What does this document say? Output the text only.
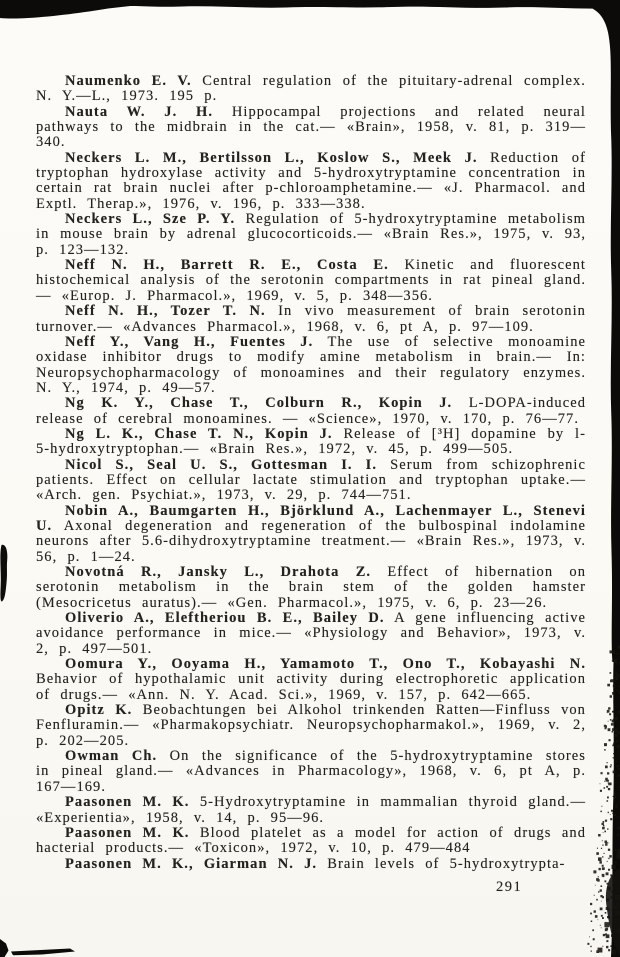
Naumenko E. V. Central regulation of the pituitary-adrenal complex. N. Y.—L., 1973. 195 p.

Nauta W. J. H. Hippocampal projections and related neural pathways to the midbrain in the cat.— «Brain», 1958, v. 81, p. 319—340.

Neckers L. M., Bertilsson L., Koslow S., Meek J. Reduction of tryptophan hydroxylase activity and 5-hydroxytryptamine concentration in certain rat brain nuclei after p-chloroamphetamine.— «J. Pharmacol. and Exptl. Therap.», 1976, v. 196, p. 333—338.

Neckers L., Sze P. Y. Regulation of 5-hydroxytryptamine metabolism in mouse brain by adrenal glucocorticoids.— «Brain Res.», 1975, v. 93, p. 123—132.

Neff N. H., Barrett R. E., Costa E. Kinetic and fluorescent histochemical analysis of the serotonin compartments in rat pineal gland.— «Europ. J. Pharmacol.», 1969, v. 5, p. 348—356.

Neff N. H., Tozer T. N. In vivo measurement of brain serotonin turnover.— «Advances Pharmacol.», 1968, v. 6, pt A, p. 97—109.

Neff Y., Vang H., Fuentes J. The use of selective monoamine oxidase inhibitor drugs to modify amine metabolism in brain.— In: Neuropsychopharmacology of monoamines and their regulatory enzymes. N. Y., 1974, p. 49—57.

Ng K. Y., Chase T., Colburn R., Kopin J. L-DOPA-induced release of cerebral monoamines. — «Science», 1970, v. 170, p. 76—77.

Ng L. K., Chase T. N., Kopin J. Release of [³H] dopamine by l-5-hydroxytryptophan.— «Brain Res.», 1972, v. 45, p. 499—505.

Nicol S., Seal U. S., Gottesman I. I. Serum from schizophrenic patients. Effect on cellular lactate stimulation and tryptophan uptake.— «Arch. gen. Psychiat.», 1973, v. 29, p. 744—751.

Nobin A., Baumgarten H., Björklund A., Lachenmayer L., Stenevi U. Axonal degeneration and regeneration of the bulbospinal indolamine neurons after 5.6-dihydroxytryptamine treatment.— «Brain Res.», 1973, v. 56, p. 1—24.

Novotná R., Jansky L., Drahota Z. Effect of hibernation on serotonin metabolism in the brain stem of the golden hamster (Mesocricetus auratus).— «Gen. Pharmacol.», 1975, v. 6, p. 23—26.

Oliverio A., Eleftheriou B. E., Bailey D. A gene influencing active avoidance performance in mice.— «Physiology and Behavior», 1973, v. 2, p. 497—501.

Oomura Y., Ooyama H., Yamamoto T., Ono T., Kobayashi N. Behavior of hypothalamic unit activity during electrophoretic application of drugs.— «Ann. N. Y. Acad. Sci.», 1969, v. 157, p. 642—665.

Opitz K. Beobachtungen bei Alkohol trinkenden Ratten—Finfluss von Fenfluramin.— «Pharmakopsychiatr. Neuropsychopharmakol.», 1969, v. 2, p. 202—205.

Owman Ch. On the significance of the 5-hydroxytryptamine stores in pineal gland.— «Advances in Pharmacology», 1968, v. 6, pt A, p. 167—169.

Paasonen M. K. 5-Hydroxytryptamine in mammalian thyroid gland.— «Experientia», 1958, v. 14, p. 95—96.

Paasonen M. K. Blood platelet as a model for action of drugs and hacterial products.— «Toxicon», 1972, v. 10, p. 479—484

Paasonen M. K., Giarman N. J. Brain levels of 5-hydroxytrypta-

291
